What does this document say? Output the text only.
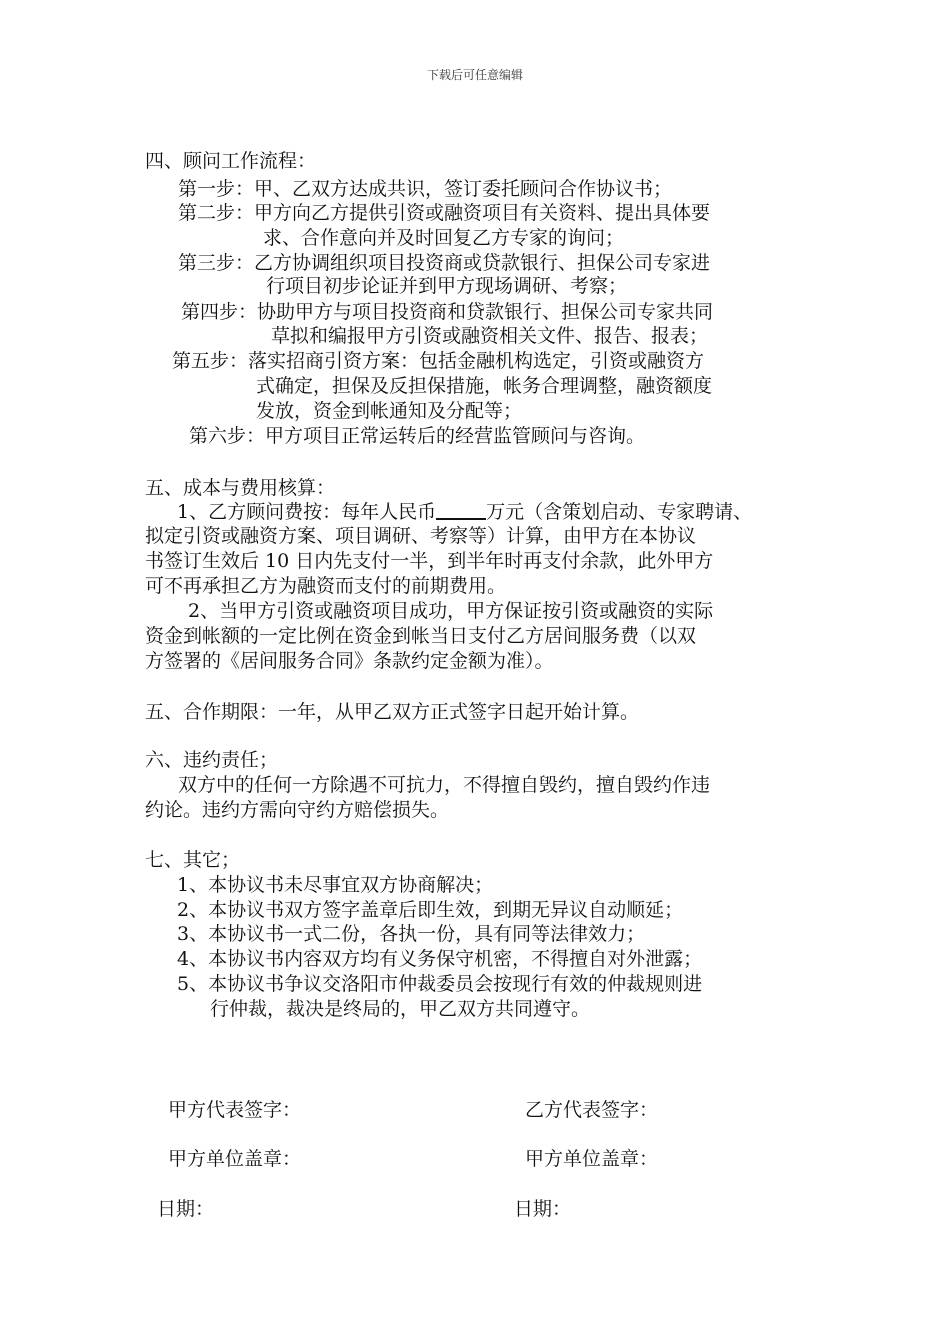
下载后可任意编辑
四、顾问工作流程：
第一步：甲、乙双方达成共识，签订委托顾问合作协议书；
第二步：甲方向乙方提供引资或融资项目有关资料、提出具体要
求、合作意向并及时回复乙方专家的询问；
第三步：乙方协调组织项目投资商或贷款银行、担保公司专家进
行项目初步论证并到甲方现场调研、考察；
第四步：协助甲方与项目投资商和贷款银行、担保公司专家共同
草拟和编报甲方引资或融资相关文件、报告、报表；
第五步：落实招商引资方案：包括金融机构选定，引资或融资方
式确定，担保及反担保措施，帐务合理调整，融资额度
发放，资金到帐通知及分配等；
第六步：甲方项目正常运转后的经营监管顾问与咨询。
五、成本与费用核算：
1、乙方顾问费按：每年人民币	万元（含策划启动、专家聘请、
拟定引资或融资方案、项目调研、考察等）计算，由甲方在本协议
书签订生效后 10 日内先支付一半，到半年时再支付余款，此外甲方
可不再承担乙方为融资而支付的前期费用。
2、当甲方引资或融资项目成功，甲方保证按引资或融资的实际
资金到帐额的一定比例在资金到帐当日支付乙方居间服务费（以双
方签署的《居间服务合同》条款约定金额为准）。
五、合作期限：一年，从甲乙双方正式签字日起开始计算。
六、违约责任；
双方中的任何一方除遇不可抗力，不得擅自毁约，擅自毁约作违
约论。违约方需向守约方赔偿损失。
七、其它；
1、本协议书未尽事宜双方协商解决；
2、本协议书双方签字盖章后即生效，到期无异议自动顺延；
3、本协议书一式二份，各执一份，具有同等法律效力；
4、本协议书内容双方均有义务保守机密，不得擅自对外泄露；
5、本协议书争议交洛阳市仲裁委员会按现行有效的仲裁规则进
行仲裁，裁决是终局的，甲乙双方共同遵守。
甲方代表签字：	乙方代表签字：
甲方单位盖章：	甲方单位盖章：
日期：	日期：
